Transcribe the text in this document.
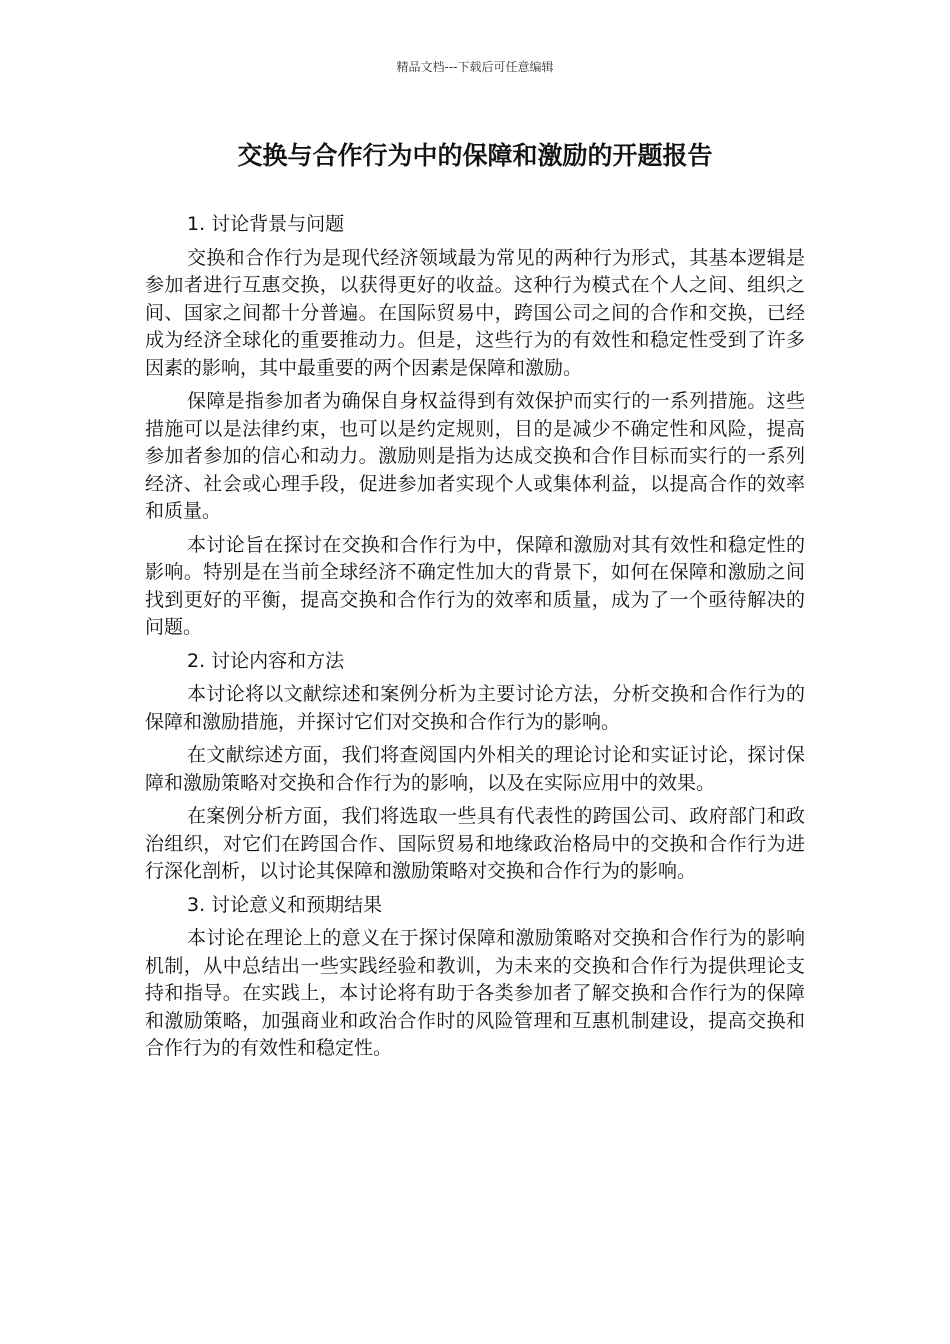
精品文档---下载后可任意编辑
交换与合作行为中的保障和激励的开题报告
1. 讨论背景与问题

交换和合作行为是现代经济领域最为常见的两种行为形式，其基本逻辑是参加者进行互惠交换，以获得更好的收益。这种行为模式在个人之间、组织之间、国家之间都十分普遍。在国际贸易中，跨国公司之间的合作和交换，已经成为经济全球化的重要推动力。但是，这些行为的有效性和稳定性受到了许多因素的影响，其中最重要的两个因素是保障和激励。

保障是指参加者为确保自身权益得到有效保护而实行的一系列措施。这些措施可以是法律约束，也可以是约定规则，目的是减少不确定性和风险，提高参加者参加的信心和动力。激励则是指为达成交换和合作目标而实行的一系列经济、社会或心理手段，促进参加者实现个人或集体利益，以提高合作的效率和质量。

本讨论旨在探讨在交换和合作行为中，保障和激励对其有效性和稳定性的影响。特别是在当前全球经济不确定性加大的背景下，如何在保障和激励之间找到更好的平衡，提高交换和合作行为的效率和质量，成为了一个亟待解决的问题。

2. 讨论内容和方法

本讨论将以文献综述和案例分析为主要讨论方法，分析交换和合作行为的保障和激励措施，并探讨它们对交换和合作行为的影响。

在文献综述方面，我们将查阅国内外相关的理论讨论和实证讨论，探讨保障和激励策略对交换和合作行为的影响，以及在实际应用中的效果。

在案例分析方面，我们将选取一些具有代表性的跨国公司、政府部门和政治组织，对它们在跨国合作、国际贸易和地缘政治格局中的交换和合作行为进行深化剖析，以讨论其保障和激励策略对交换和合作行为的影响。

3. 讨论意义和预期结果

本讨论在理论上的意义在于探讨保障和激励策略对交换和合作行为的影响机制，从中总结出一些实践经验和教训，为未来的交换和合作行为提供理论支持和指导。在实践上，本讨论将有助于各类参加者了解交换和合作行为的保障和激励策略，加强商业和政治合作时的风险管理和互惠机制建设，提高交换和合作行为的有效性和稳定性。
